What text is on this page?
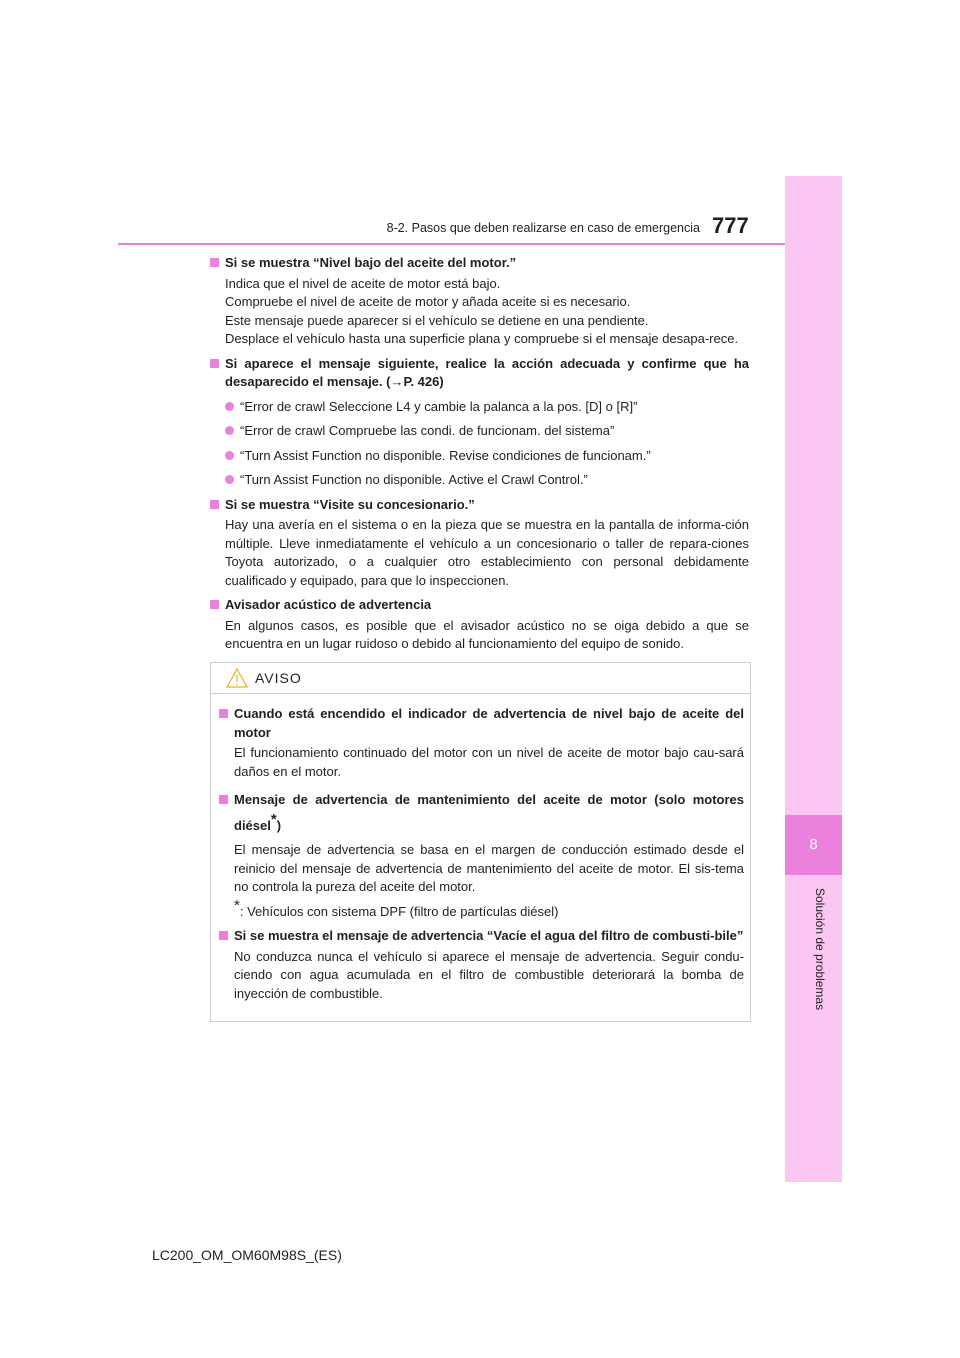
8
Solución de problemas
8-2. Pasos que deben realizarse en caso de emergencia 777
Si se muestra “Nivel bajo del aceite del motor.”
Indica que el nivel de aceite de motor está bajo.
Compruebe el nivel de aceite de motor y añada aceite si es necesario.
Este mensaje puede aparecer si el vehículo se detiene en una pendiente.
Desplace el vehículo hasta una superficie plana y compruebe si el mensaje desapa-rece.
Si aparece el mensaje siguiente, realice la acción adecuada y confirme que ha desaparecido el mensaje. (→P. 426)
“Error de crawl Seleccione L4 y cambie la palanca a la pos. [D] o [R]”
“Error de crawl Compruebe las condi. de funcionam. del sistema”
“Turn Assist Function no disponible. Revise condiciones de funcionam.”
“Turn Assist Function no disponible. Active el Crawl Control.”
Si se muestra “Visite su concesionario.”
Hay una avería en el sistema o en la pieza que se muestra en la pantalla de informa-ción múltiple. Lleve inmediatamente el vehículo a un concesionario o taller de repara-ciones Toyota autorizado, o a cualquier otro establecimiento con personal debidamente cualificado y equipado, para que lo inspeccionen.
Avisador acústico de advertencia
En algunos casos, es posible que el avisador acústico no se oiga debido a que se encuentra en un lugar ruidoso o debido al funcionamiento del equipo de sonido.
AVISO
Cuando está encendido el indicador de advertencia de nivel bajo de aceite del motor
El funcionamiento continuado del motor con un nivel de aceite de motor bajo cau-sará daños en el motor.
Mensaje de advertencia de mantenimiento del aceite de motor (solo motores diésel*)
El mensaje de advertencia se basa en el margen de conducción estimado desde el reinicio del mensaje de advertencia de mantenimiento del aceite de motor. El sis-tema no controla la pureza del aceite del motor.
*: Vehículos con sistema DPF (filtro de partículas diésel)
Si se muestra el mensaje de advertencia “Vacíe el agua del filtro de combusti-bile”
No conduzca nunca el vehículo si aparece el mensaje de advertencia. Seguir condu-ciendo con agua acumulada en el filtro de combustible deteriorará la bomba de inyección de combustible.
LC200_OM_OM60M98S_(ES)
